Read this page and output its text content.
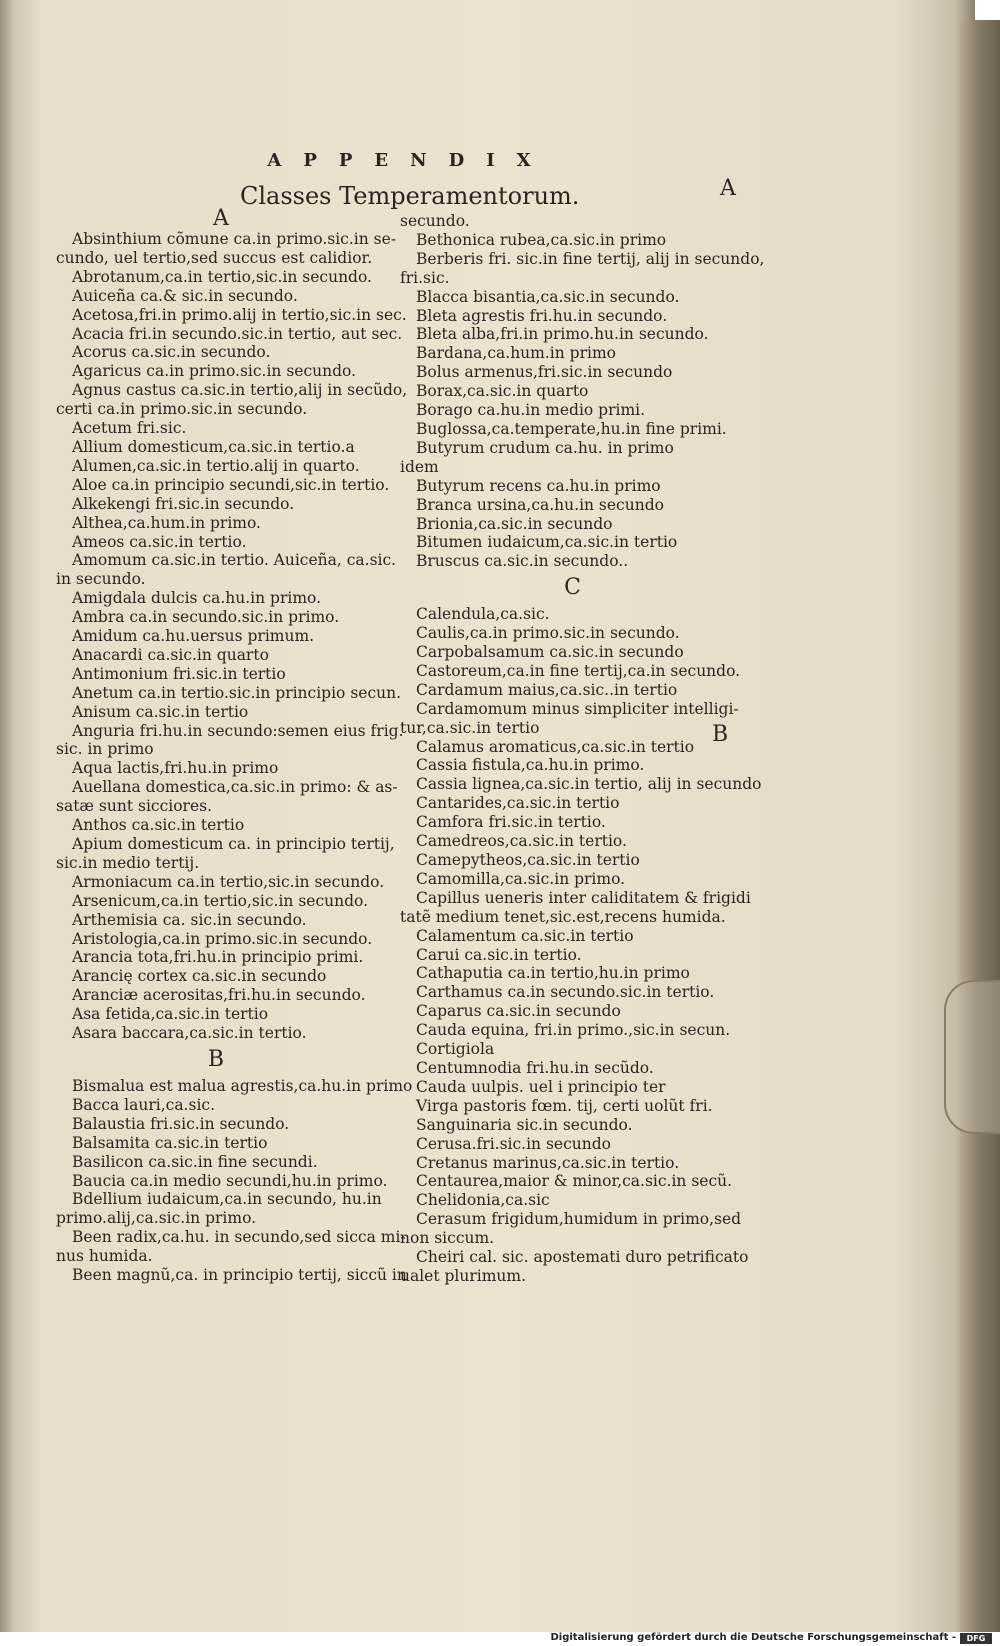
APPENDIX
Classes Temperamentorum.	A
B
A
Absinthium cõmune ca.in primo.sic.in se-
cundo, uel tertio,sed succus est calidior.
Abrotanum,ca.in tertio,sic.in secundo.
Auiceña ca.& sic.in secundo.
Acetosa,fri.in primo.alij in tertio,sic.in sec.
Acacia fri.in secundo.sic.in tertio, aut sec.
Acorus ca.sic.in secundo.
Agaricus ca.in primo.sic.in secundo.
Agnus castus ca.sic.in tertio,alij in secũdo,
certi ca.in primo.sic.in secundo.
Acetum fri.sic.
Allium domesticum,ca.sic.in tertio.a
Alumen,ca.sic.in tertio.alij in quarto.
Aloe ca.in principio secundi,sic.in tertio.
Alkekengi fri.sic.in secundo.
Althea,ca.hum.in primo.
Ameos ca.sic.in tertio.
Amomum ca.sic.in tertio. Auiceña, ca.sic.
in secundo.
Amigdala dulcis ca.hu.in primo.
Ambra ca.in secundo.sic.in primo.
Amidum ca.hu.uersus primum.
Anacardi ca.sic.in quarto
Antimonium fri.sic.in tertio
Anetum ca.in tertio.sic.in principio secun.
Anisum ca.sic.in tertio
Anguria fri.hu.in secundo:semen eius frig.
sic. in primo
Aqua lactis,fri.hu.in primo
Auellana domestica,ca.sic.in primo: & as-
satæ sunt sicciores.
Anthos ca.sic.in tertio
Apium domesticum ca. in principio tertij,
sic.in medio tertij.
Armoniacum ca.in tertio,sic.in secundo.
Arsenicum,ca.in tertio,sic.in secundo.
Arthemisia ca. sic.in secundo.
Aristologia,ca.in primo.sic.in secundo.
Arancia tota,fri.hu.in principio primi.
Arancię cortex ca.sic.in secundo
Aranciæ acerositas,fri.hu.in secundo.
Asa fetida,ca.sic.in tertio
Asara baccara,ca.sic.in tertio.
B
Bismalua est malua agrestis,ca.hu.in primo
Bacca lauri,ca.sic.
Balaustia fri.sic.in secundo.
Balsamita ca.sic.in tertio
Basilicon ca.sic.in fine secundi.
Baucia ca.in medio secundi,hu.in primo.
Bdellium iudaicum,ca.in secundo, hu.in
primo.alij,ca.sic.in primo.
Been radix,ca.hu. in secundo,sed sicca mi-
nus humida.
Been magnũ,ca. in principio tertij, siccũ in
secundo.
Bethonica rubea,ca.sic.in primo
Berberis fri. sic.in fine tertij, alij in secundo,
fri.sic.
Blacca bisantia,ca.sic.in secundo.
Bleta agrestis fri.hu.in secundo.
Bleta alba,fri.in primo.hu.in secundo.
Bardana,ca.hum.in primo
Bolus armenus,fri.sic.in secundo
Borax,ca.sic.in quarto
Borago ca.hu.in medio primi.
Buglossa,ca.temperate,hu.in fine primi.
Butyrum crudum ca.hu. in primo
idem
Butyrum recens ca.hu.in primo
Branca ursina,ca.hu.in secundo
Brionia,ca.sic.in secundo
Bitumen iudaicum,ca.sic.in tertio
Bruscus ca.sic.in secundo..
C
Calendula,ca.sic.
Caulis,ca.in primo.sic.in secundo.
Carpobalsamum ca.sic.in secundo
Castoreum,ca.in fine tertij,ca.in secundo.
Cardamum maius,ca.sic..in tertio
Cardamomum minus simpliciter intelligi-
tur,ca.sic.in tertio
Calamus aromaticus,ca.sic.in tertio
Cassia fistula,ca.hu.in primo.
Cassia lignea,ca.sic.in tertio, alij in secundo
Cantarides,ca.sic.in tertio
Camfora fri.sic.in tertio.
Camedreos,ca.sic.in tertio.
Camepytheos,ca.sic.in tertio
Camomilla,ca.sic.in primo.
Capillus ueneris inter caliditatem & frigidi
tatẽ medium tenet,sic.est,recens humida.
Calamentum ca.sic.in tertio
Carui ca.sic.in tertio.
Cathaputia ca.in tertio,hu.in primo
Carthamus ca.in secundo.sic.in tertio.
Caparus ca.sic.in secundo
Cauda equina, fri.in primo.,sic.in secun.
Cortigiola
Centumnodia fri.hu.in secũdo.
Cauda uulpis. uel i principio ter
Virga pastoris fœm. tij, certi uolũt fri.
Sanguinaria sic.in secundo.
Cerusa.fri.sic.in secundo
Cretanus marinus,ca.sic.in tertio.
Centaurea,maior & minor,ca.sic.in secũ.
Chelidonia,ca.sic
Cerasum frigidum,humidum in primo,sed
non siccum.
Cheiri cal. sic. apostemati duro petrificato
ualet plurimum.
Digitalisierung gefördert durch die Deutsche Forschungsgemeinschaft -	DFG
